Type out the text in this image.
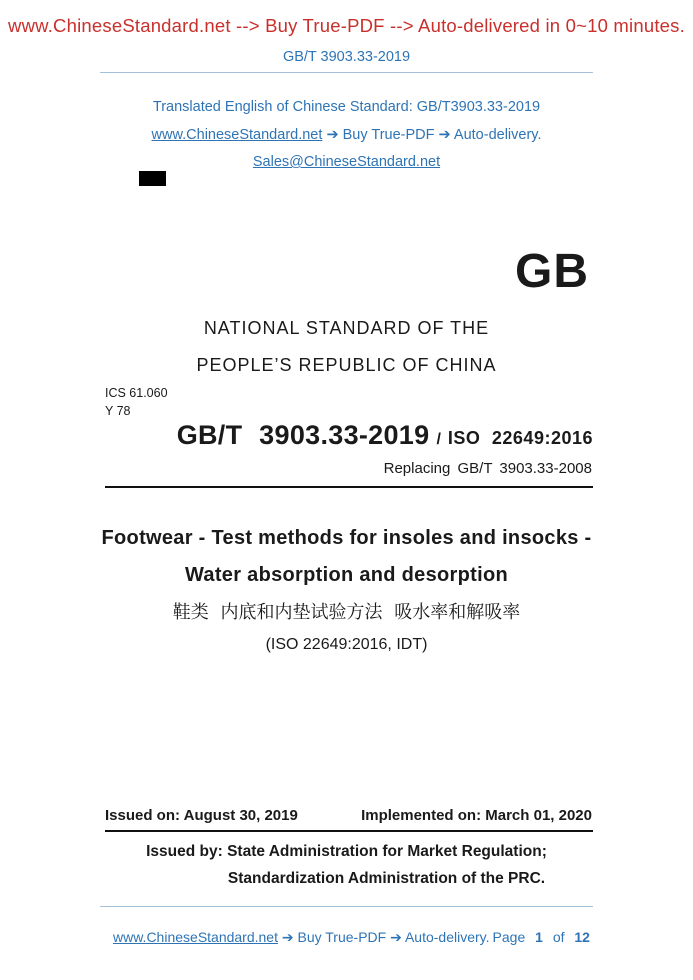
www.ChineseStandard.net --> Buy True-PDF --> Auto-delivered in 0~10 minutes.
GB/T 3903.33-2019
Translated English of Chinese Standard: GB/T3903.33-2019
www.ChineseStandard.net ➔ Buy True-PDF ➔ Auto-delivery.
Sales@ChineseStandard.net
GB
NATIONAL STANDARD OF THE
PEOPLE’S REPUBLIC OF CHINA
ICS 61.060
Y 78
GB/T 3903.33-2019 / ISO 22649:2016
Replacing GB/T 3903.33-2008
Footwear - Test methods for insoles and insocks -
Water absorption and desorption
鞋类 内底和内垫试验方法 吸水率和解吸率
(ISO 22649:2016, IDT)
Issued on: August 30, 2019	Implemented on: March 01, 2020
Issued by: State Administration for Market Regulation;
Standardization Administration of the PRC.
www.ChineseStandard.net ➔ Buy True-PDF ➔ Auto-delivery. Page 1 of 12
